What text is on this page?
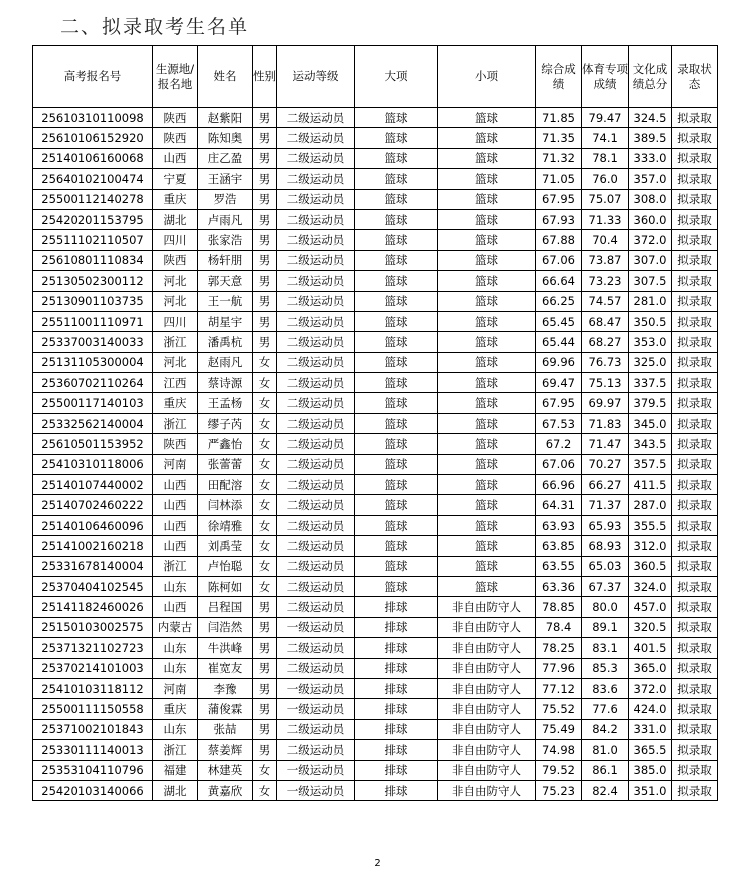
二、拟录取考生名单
高考报名号	生源地/报名地	姓名	性别	运动等级	大项	小项	综合成绩	体育专项成绩	文化成绩总分	录取状态
25610310110098	陕西	赵紫阳	男	二级运动员	篮球	篮球	71.85	79.47	324.5	拟录取
25610106152920	陕西	陈知奥	男	二级运动员	篮球	篮球	71.35	74.1	389.5	拟录取
25140106160068	山西	庄乙盈	男	二级运动员	篮球	篮球	71.32	78.1	333.0	拟录取
25640102100474	宁夏	王涵宇	男	二级运动员	篮球	篮球	71.05	76.0	357.0	拟录取
25500112140278	重庆	罗浩	男	二级运动员	篮球	篮球	67.95	75.07	308.0	拟录取
25420201153795	湖北	卢雨凡	男	二级运动员	篮球	篮球	67.93	71.33	360.0	拟录取
25511102110507	四川	张家浩	男	二级运动员	篮球	篮球	67.88	70.4	372.0	拟录取
25610801110834	陕西	杨轩朋	男	二级运动员	篮球	篮球	67.06	73.87	307.0	拟录取
25130502300112	河北	郭天意	男	二级运动员	篮球	篮球	66.64	73.23	307.5	拟录取
25130901103735	河北	王一航	男	二级运动员	篮球	篮球	66.25	74.57	281.0	拟录取
25511001110971	四川	胡星宇	男	二级运动员	篮球	篮球	65.45	68.47	350.5	拟录取
25337003140033	浙江	潘禹杭	男	二级运动员	篮球	篮球	65.44	68.27	353.0	拟录取
25131105300004	河北	赵雨凡	女	二级运动员	篮球	篮球	69.96	76.73	325.0	拟录取
25360702110264	江西	蔡诗源	女	二级运动员	篮球	篮球	69.47	75.13	337.5	拟录取
25500117140103	重庆	王孟杨	女	二级运动员	篮球	篮球	67.95	69.97	379.5	拟录取
25332562140004	浙江	缪子芮	女	二级运动员	篮球	篮球	67.53	71.83	345.0	拟录取
25610501153952	陕西	严鑫怡	女	二级运动员	篮球	篮球	67.2	71.47	343.5	拟录取
25410310118006	河南	张蕾蕾	女	二级运动员	篮球	篮球	67.06	70.27	357.5	拟录取
25140107440002	山西	田配溶	女	二级运动员	篮球	篮球	66.96	66.27	411.5	拟录取
25140702460222	山西	闫林添	女	二级运动员	篮球	篮球	64.31	71.37	287.0	拟录取
25140106460096	山西	徐靖雅	女	二级运动员	篮球	篮球	63.93	65.93	355.5	拟录取
25141002160218	山西	刘禹莹	女	二级运动员	篮球	篮球	63.85	68.93	312.0	拟录取
25331678140004	浙江	卢怡聪	女	二级运动员	篮球	篮球	63.55	65.03	360.5	拟录取
25370404102545	山东	陈柯如	女	二级运动员	篮球	篮球	63.36	67.37	324.0	拟录取
25141182460026	山西	吕程国	男	二级运动员	排球	非自由防守人	78.85	80.0	457.0	拟录取
25150103002575	内蒙古	闫浩然	男	一级运动员	排球	非自由防守人	78.4	89.1	320.5	拟录取
25371321102723	山东	牛洪峰	男	二级运动员	排球	非自由防守人	78.25	83.1	401.5	拟录取
25370214101003	山东	崔宽友	男	二级运动员	排球	非自由防守人	77.96	85.3	365.0	拟录取
25410103118112	河南	李豫	男	一级运动员	排球	非自由防守人	77.12	83.6	372.0	拟录取
25500111150558	重庆	蒲俊霖	男	一级运动员	排球	非自由防守人	75.52	77.6	424.0	拟录取
25371002101843	山东	张喆	男	二级运动员	排球	非自由防守人	75.49	84.2	331.0	拟录取
25330111140013	浙江	蔡姜辉	男	二级运动员	排球	非自由防守人	74.98	81.0	365.5	拟录取
25353104110796	福建	林建英	女	一级运动员	排球	非自由防守人	79.52	86.1	385.0	拟录取
25420103140066	湖北	黄嘉欣	女	一级运动员	排球	非自由防守人	75.23	82.4	351.0	拟录取
2
